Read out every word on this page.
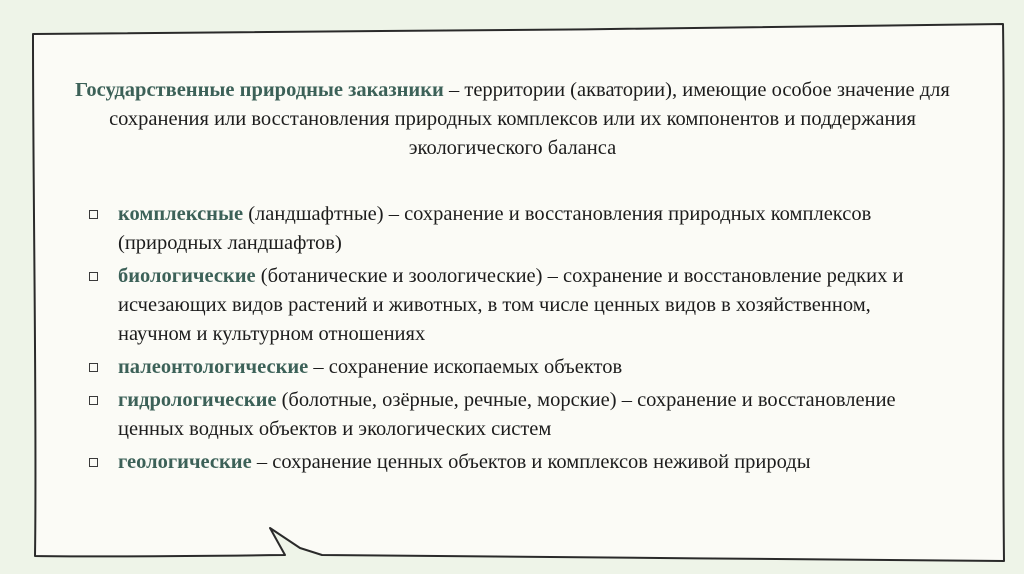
Государственные природные заказники – территории (акватории), имеющие особое значение для сохранения или восстановления природных комплексов или их компонентов и поддержания экологического баланса

комплексные (ландшафтные) – сохранение и восстановления природных комплексов (природных ландшафтов)
биологические (ботанические и зоологические) – сохранение и восстановление редких и исчезающих видов растений и животных, в том числе ценных видов в хозяйственном, научном и культурном отношениях
палеонтологические – сохранение ископаемых объектов
гидрологические (болотные, озёрные, речные, морские) – сохранение и восстановление ценных водных объектов и экологических систем
геологические – сохранение ценных объектов и комплексов неживой природы
